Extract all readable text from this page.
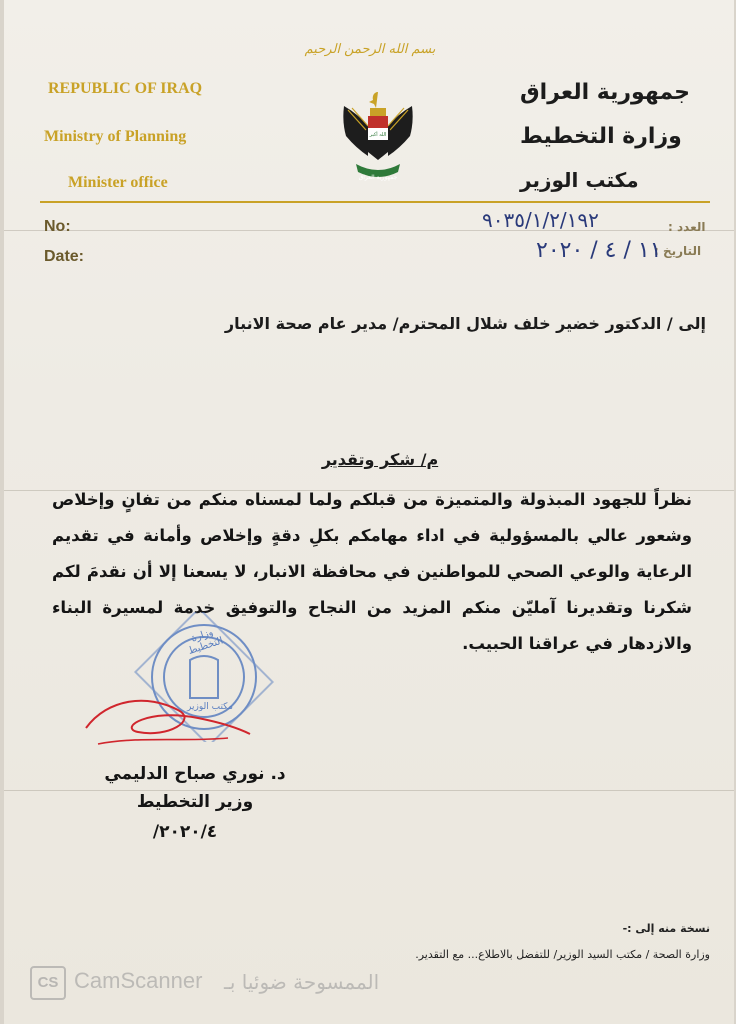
بسم الله الرحمن الرحيم
REPUBLIC OF IRAQ
Ministry of Planning
Minister office
جمهورية العراق
وزارة التخطيط
مكتب الوزير
الله أكبر
جمهورية العراق
No:	العدد :
٩٠٣٥/١/٢/١٩٢
Date:	التاريخ :
١١ / ٤ / ٢٠٢٠
إلى / الدكتور خضير خلف شلال المحترم/ مدير عام صحة الانبار
م/ شكر وتقدير
نظراً للجهود المبذولة والمتميزة من قبلكم ولما لمسناه منكم من تفانٍ وإخلاص وشعور عالي بالمسؤولية في اداء مهامكم بكلِ دقةٍ وإخلاص وأمانة في تقديم الرعاية والوعي الصحي للمواطنين في محافظة الانبار، لا يسعنا إلا أن نقدمَ لكم شكرنا وتقديرنا آمليّن منكم المزيد من النجاح والتوفيق خدمة لمسيرة البناء والازدهار في عراقنا الحبيب.
وزارة التخطيط
مكتب الوزير
د. نوري صباح الدليمي
وزير التخطيط
٢٠٢٠/٤/
نسخة منه إلى :-
وزارة الصحة / مكتب السيد الوزير/ للتفضل بالاطلاع... مع التقدير.
CS CamScanner الممسوحة ضوئيا بـ
